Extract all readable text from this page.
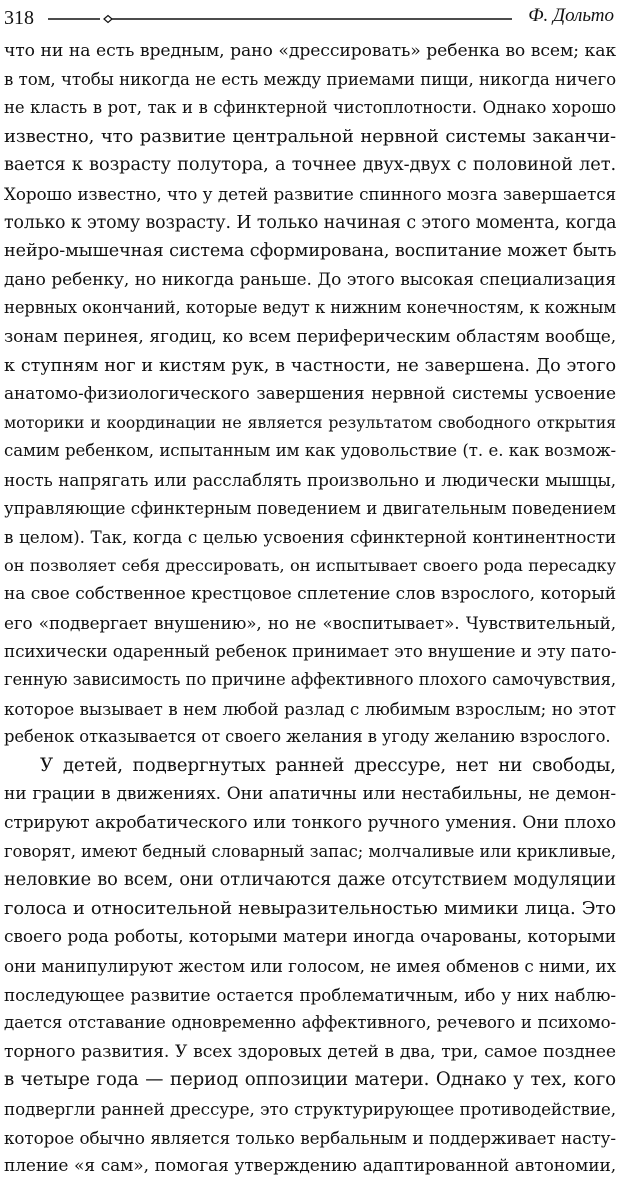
318	Ф. Дольто
что ни на есть вредным, рано «дрессировать» ребенка во всем; как
в том, чтобы никогда не есть между приемами пищи, никогда ничего
не класть в рот, так и в сфинктерной чистоплотности. Однако хорошо
известно, что развитие центральной нервной системы заканчи-
вается к возрасту полутора, а точнее двух-двух с половиной лет.
Хорошо известно, что у детей развитие спинного мозга завершается
только к этому возрасту. И только начиная с этого момента, когда
нейро-мышечная система сформирована, воспитание может быть
дано ребенку, но никогда раньше. До этого высокая специализация
нервных окончаний, которые ведут к нижним конечностям, к кожным
зонам перинея, ягодиц, ко всем периферическим областям вообще,
к ступням ног и кистям рук, в частности, не завершена. До этого
анатомо-физиологического завершения нервной системы усвоение
моторики и координации не является результатом свободного открытия
самим ребенком, испытанным им как удовольствие (т. е. как возмож-
ность напрягать или расслаблять произвольно и людически мышцы,
управляющие сфинктерным поведением и двигательным поведением
в целом). Так, когда с целью усвоения сфинктерной континентности
он позволяет себя дрессировать, он испытывает своего рода пересадку
на свое собственное крестцовое сплетение слов взрослого, который
его «подвергает внушению», но не «воспитывает». Чувствительный,
психически одаренный ребенок принимает это внушение и эту пато-
генную зависимость по причине аффективного плохого самочувствия,
которое вызывает в нем любой разлад с любимым взрослым; но этот
ребенок отказывается от своего желания в угоду желанию взрослого.
У детей, подвергнутых ранней дрессуре, нет ни свободы,
ни грации в движениях. Они апатичны или нестабильны, не демон-
стрируют акробатического или тонкого ручного умения. Они плохо
говорят, имеют бедный словарный запас; молчаливые или крикливые,
неловкие во всем, они отличаются даже отсутствием модуляции
голоса и относительной невыразительностью мимики лица. Это
своего рода роботы, которыми матери иногда очарованы, которыми
они манипулируют жестом или голосом, не имея обменов с ними, их
последующее развитие остается проблематичным, ибо у них наблю-
дается отставание одновременно аффективного, речевого и психомо-
торного развития. У всех здоровых детей в два, три, самое позднее
в четыре года — период оппозиции матери. Однако у тех, кого
подвергли ранней дрессуре, это структурирующее противодействие,
которое обычно является только вербальным и поддерживает насту-
пление «я сам», помогая утверждению адаптированной автономии,
